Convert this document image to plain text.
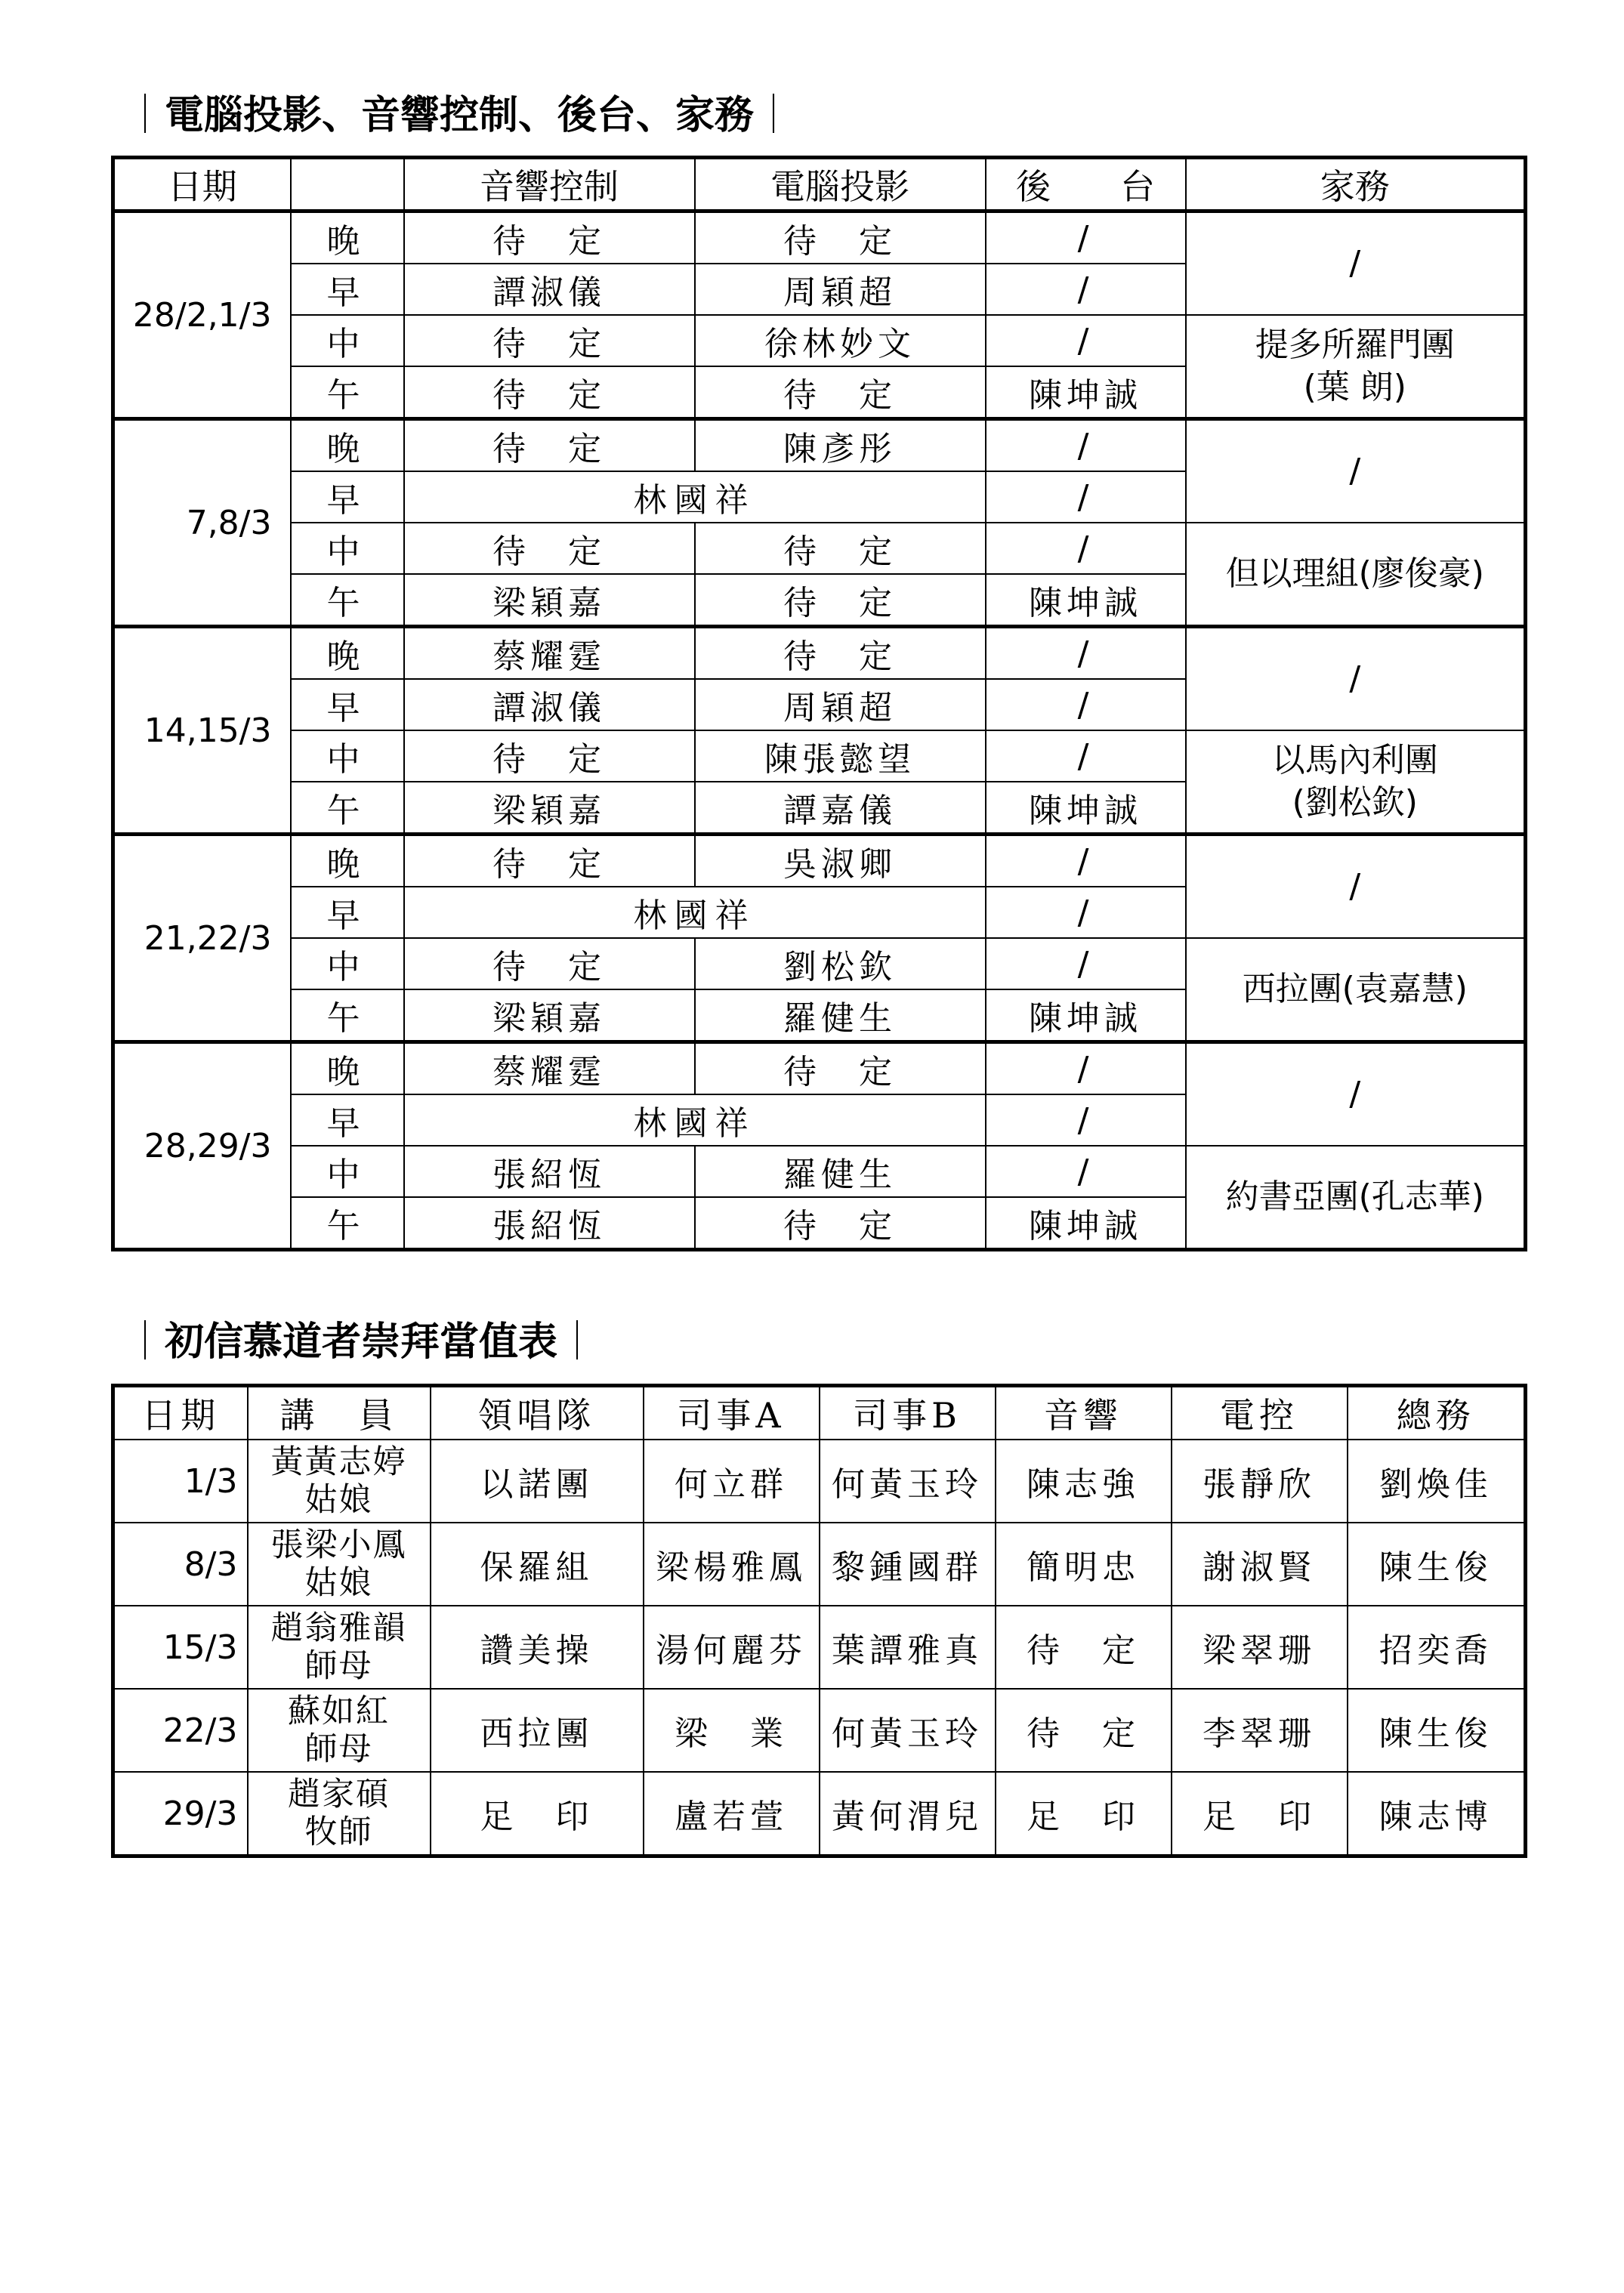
｜電腦投影、音響控制、後台、家務｜
日期		音響控制	電腦投影	後　　台	家務
28/2,1/3	晚	待　定	待　定	/	/
	早	譚淑儀	周穎超	/	
	中	待　定	徐林妙文	/	提多所羅門團
(葉 朗)

	午	待　定	待　定	陳坤誠	
7,8/3	晚	待　定	陳彥彤	/	/
	早	林國祥		/	
	中	待　定	待　定	/	但以理組(廖俊豪)

	午	梁穎嘉	待　定	陳坤誠	
14,15/3	晚	蔡耀霆	待　定	/	/
	早	譚淑儀	周穎超	/	
	中	待　定	陳張懿望	/	以馬內利團
(劉松欽)

	午	梁穎嘉	譚嘉儀	陳坤誠	
21,22/3	晚	待　定	吳淑卿	/	/
	早	林國祥		/	
	中	待　定	劉松欽	/	西拉團(袁嘉慧)

	午	梁穎嘉	羅健生	陳坤誠	
28,29/3	晚	蔡耀霆	待　定	/	/
	早	林國祥		/	
	中	張紹恆	羅健生	/	約書亞團(孔志華)

	午	張紹恆	待　定	陳坤誠	
｜初信慕道者崇拜當值表｜
日期	講　員	領唱隊	司事A	司事B	音響	電控	總務
1/3	黃黃志婷
姑娘	以諾團	何立群	何黃玉玲	陳志強	張靜欣	劉煥佳
8/3	張梁小鳳
姑娘	保羅組	梁楊雅鳳	黎鍾國群	簡明忠	謝淑賢	陳生俊
15/3	趙翁雅韻
師母	讚美操	湯何麗芬	葉譚雅真	待　定	梁翠珊	招奕喬
22/3	蘇如紅
師母	西拉團	梁　業	何黃玉玲	待　定	李翠珊	陳生俊
29/3	趙家碩
牧師	足　印	盧若萱	黃何渭兒	足　印	足　印	陳志博
